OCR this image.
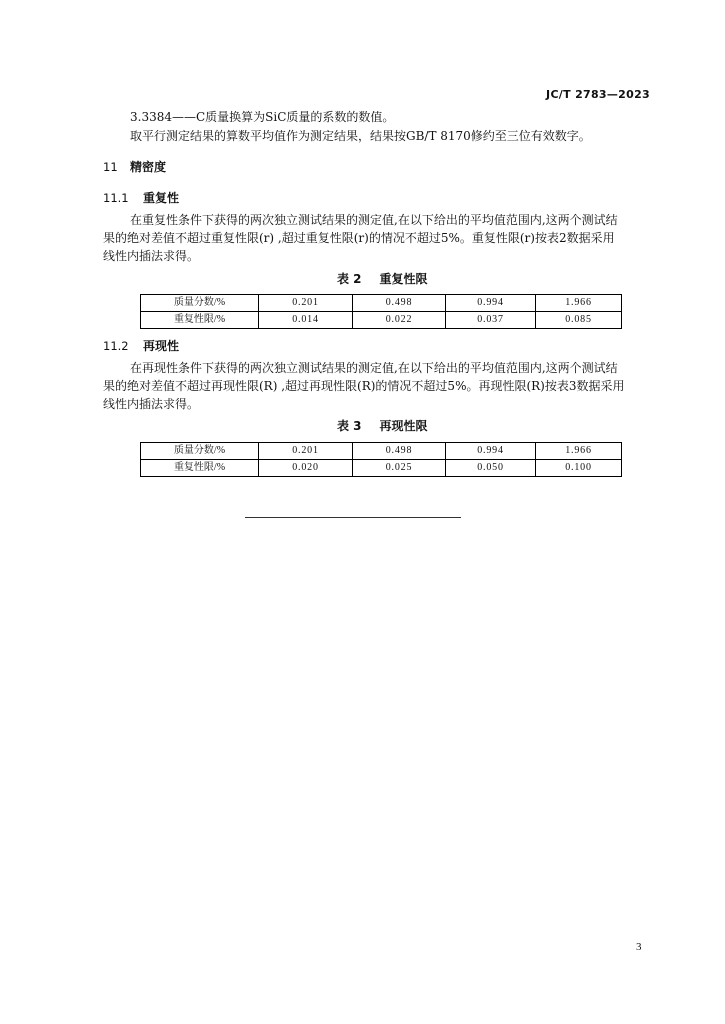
JC/T 2783—2023
3.3384——C质量换算为SiC质量的系数的数值。
取平行测定结果的算数平均值作为测定结果，结果按GB/T 8170修约至三位有效数字。
11 精密度
11.1 重复性
在重复性条件下获得的两次独立测试结果的测定值,在以下给出的平均值范围内,这两个测试结
果的绝对差值不超过重复性限(r) ,超过重复性限(r)的情况不超过5%。重复性限(r)按表2数据采用
线性内插法求得。
表 2 重复性限
质量分数/%	0.201	0.498	0.994	1.966
重复性限/%	0.014	0.022	0.037	0.085
11.2 再现性
在再现性条件下获得的两次独立测试结果的测定值,在以下给出的平均值范围内,这两个测试结
果的绝对差值不超过再现性限(R) ,超过再现性限(R)的情况不超过5%。再现性限(R)按表3数据采用
线性内插法求得。
表 3 再现性限
质量分数/%	0.201	0.498	0.994	1.966
重复性限/%	0.020	0.025	0.050	0.100
3
